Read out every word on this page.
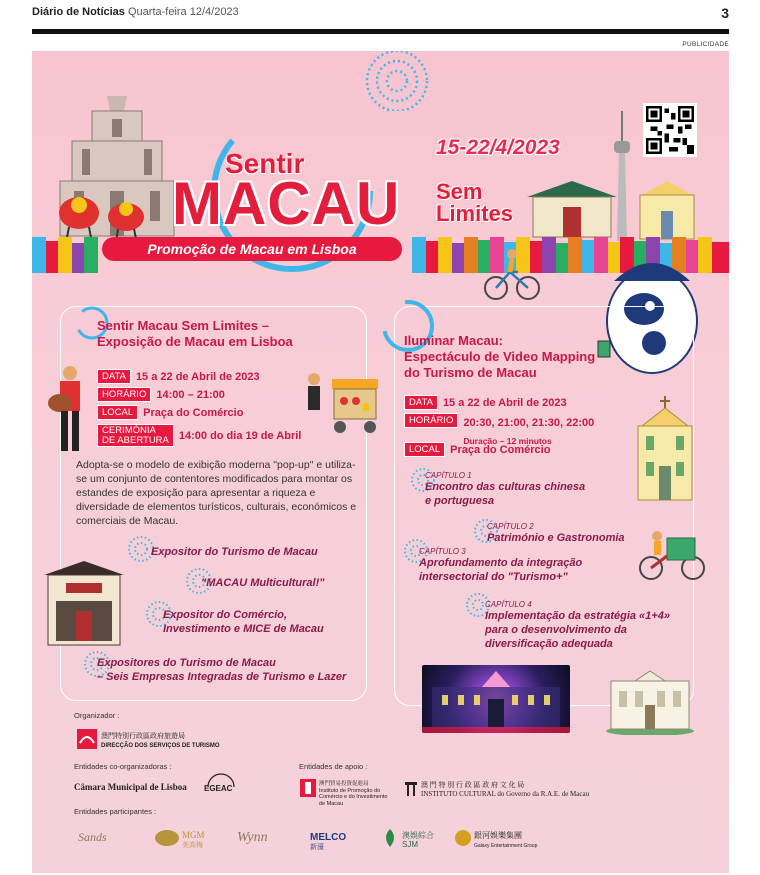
Diário de Notícias Quarta-feira 12/4/2023	3
PUBLICIDADE
15-22/4/2023
Sentir
MACAU Sem
Limites
Promoção de Macau em Lisboa
Sentir Macau Sem Limites –
Exposição de Macau em Lisboa
DATA 15 a 22 de Abril de 2023
HORÁRIO 14:00 – 21:00
LOCAL Praça do Comércio
CERIMÓNIA
DE ABERTURA 14:00 do dia 19 de Abril
Adopta-se o modelo de exibição moderna "pop-up" e utiliza-se um conjunto de contentores modificados para montar os estandes de exposição para apresentar a riqueza e diversidade de elementos turísticos, culturais, económicos e comerciais de Macau.
Expositor do Turismo de Macau
"MACAU Multicultural!"
Expositor do Comércio,
Investimento e MICE de Macau
Expositores do Turismo de Macau
– Seis Empresas Integradas de Turismo e Lazer
Iluminar Macau:
Espectáculo de Video Mapping
do Turismo de Macau
DATA 15 a 22 de Abril de 2023
HORÁRIO 20:30, 21:00, 21:30, 22:00
Duração – 12 minutos
LOCAL Praça do Comércio
CAPÍTULO 1
Encontro das culturas chinesa
e portuguesa
CAPÍTULO 2
Património e Gastronomia
CAPÍTULO 3
Aprofundamento da integração
intersectorial do "Turismo+"
CAPÍTULO 4
Implementação da estratégia «1+4»
para o desenvolvimento da
diversificação adequada
Organizador :
澳門特別行政區政府旅遊局
DIRECÇÃO DOS SERVIÇOS DE TURISMO
Entidades co-organizadoras :
Câmara Municipal de Lisboa EGEAC
Entidades de apoio :
澳門貿易投資促進局
Instituto de Promoção do Comércio e do Investimento de Macau
澳 門 特 別 行 政 區 政 府 文 化 局
INSTITUTO CULTURAL do Governo da R.A.E. de Macau
Entidades participantes :
Sands	MGM
美高梅 Wynn	MELCO
新濠
澳娛綜合
SJM
銀河娛樂集團
Galaxy Entertainment Group
